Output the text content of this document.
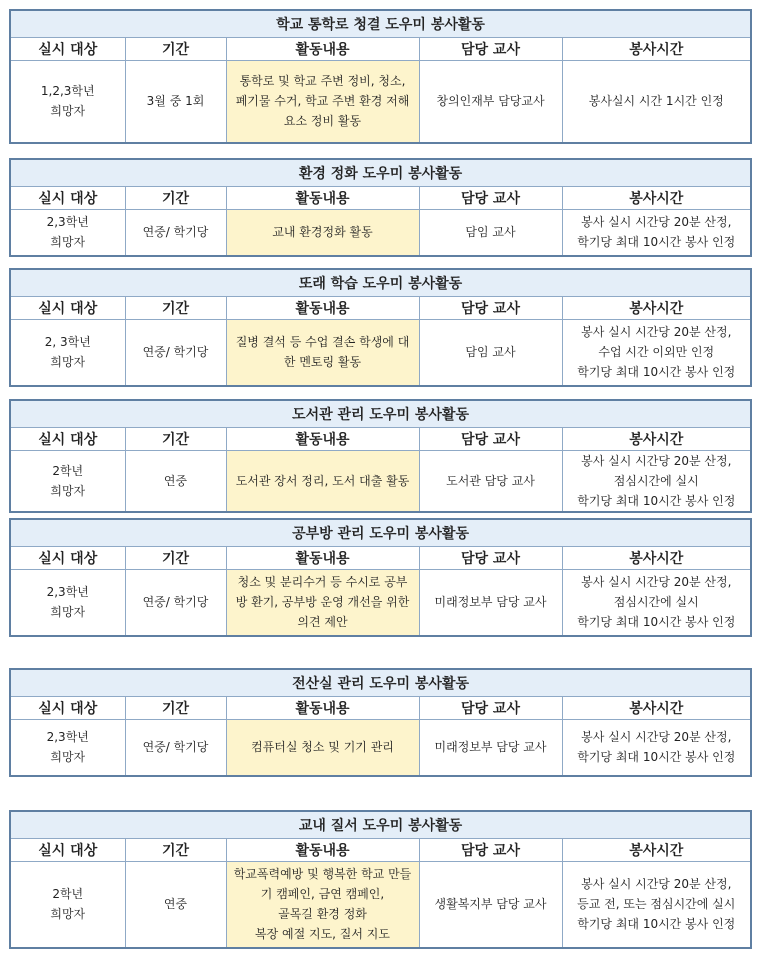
학교 통학로 청결 도우미 봉사활동				
실시 대상	기간	활동내용	담당 교사	봉사시간

1,2,3학년
희망자	3월 중 1회	통학로 및 학교 주변 정비, 청소,
폐기물 수거, 학교 주변 환경 저해
요소 정비 활동	창의인재부 담당교사	봉사실시 시간 1시간 인정
환경 정화 도우미 봉사활동				
실시 대상	기간	활동내용	담당 교사	봉사시간

2,3학년
희망자	연중/ 학기당	교내 환경정화 활동	담임 교사	봉사 실시 시간당 20분 산정,
학기당 최대 10시간 봉사 인정
또래 학습 도우미 봉사활동				
실시 대상	기간	활동내용	담당 교사	봉사시간

2, 3학년
희망자	연중/ 학기당	질병 결석 등 수업 결손 학생에 대
한 멘토링 활동	담임 교사	봉사 실시 시간당 20분 산정,
수업 시간 이외만 인정
학기당 최대 10시간 봉사 인정
도서관 관리 도우미 봉사활동				
실시 대상	기간	활동내용	담당 교사	봉사시간

2학년
희망자	연중	도서관 장서 정리, 도서 대출 활동	도서관 담당 교사	봉사 실시 시간당 20분 산정,
점심시간에 실시
학기당 최대 10시간 봉사 인정
공부방 관리 도우미 봉사활동				
실시 대상	기간	활동내용	담당 교사	봉사시간

2,3학년
희망자	연중/ 학기당	청소 및 분리수거 등 수시로 공부
방 환기, 공부방 운영 개선을 위한
의견 제안	미래정보부 담당 교사	봉사 실시 시간당 20분 산정,
점심시간에 실시
학기당 최대 10시간 봉사 인정
전산실 관리 도우미 봉사활동				
실시 대상	기간	활동내용	담당 교사	봉사시간

2,3학년
희망자	연중/ 학기당	컴퓨터실 청소 및 기기 관리	미래정보부 담당 교사	봉사 실시 시간당 20분 산정,
학기당 최대 10시간 봉사 인정
교내 질서 도우미 봉사활동				
실시 대상	기간	활동내용	담당 교사	봉사시간

2학년
희망자	연중	학교폭력예방 및 행복한 학교 만들
기 캠페인, 금연 캠페인,
골목길 환경 정화
복장 예절 지도, 질서 지도	생활복지부 담당 교사	봉사 실시 시간당 20분 산정,
등교 전, 또는 점심시간에 실시
학기당 최대 10시간 봉사 인정
